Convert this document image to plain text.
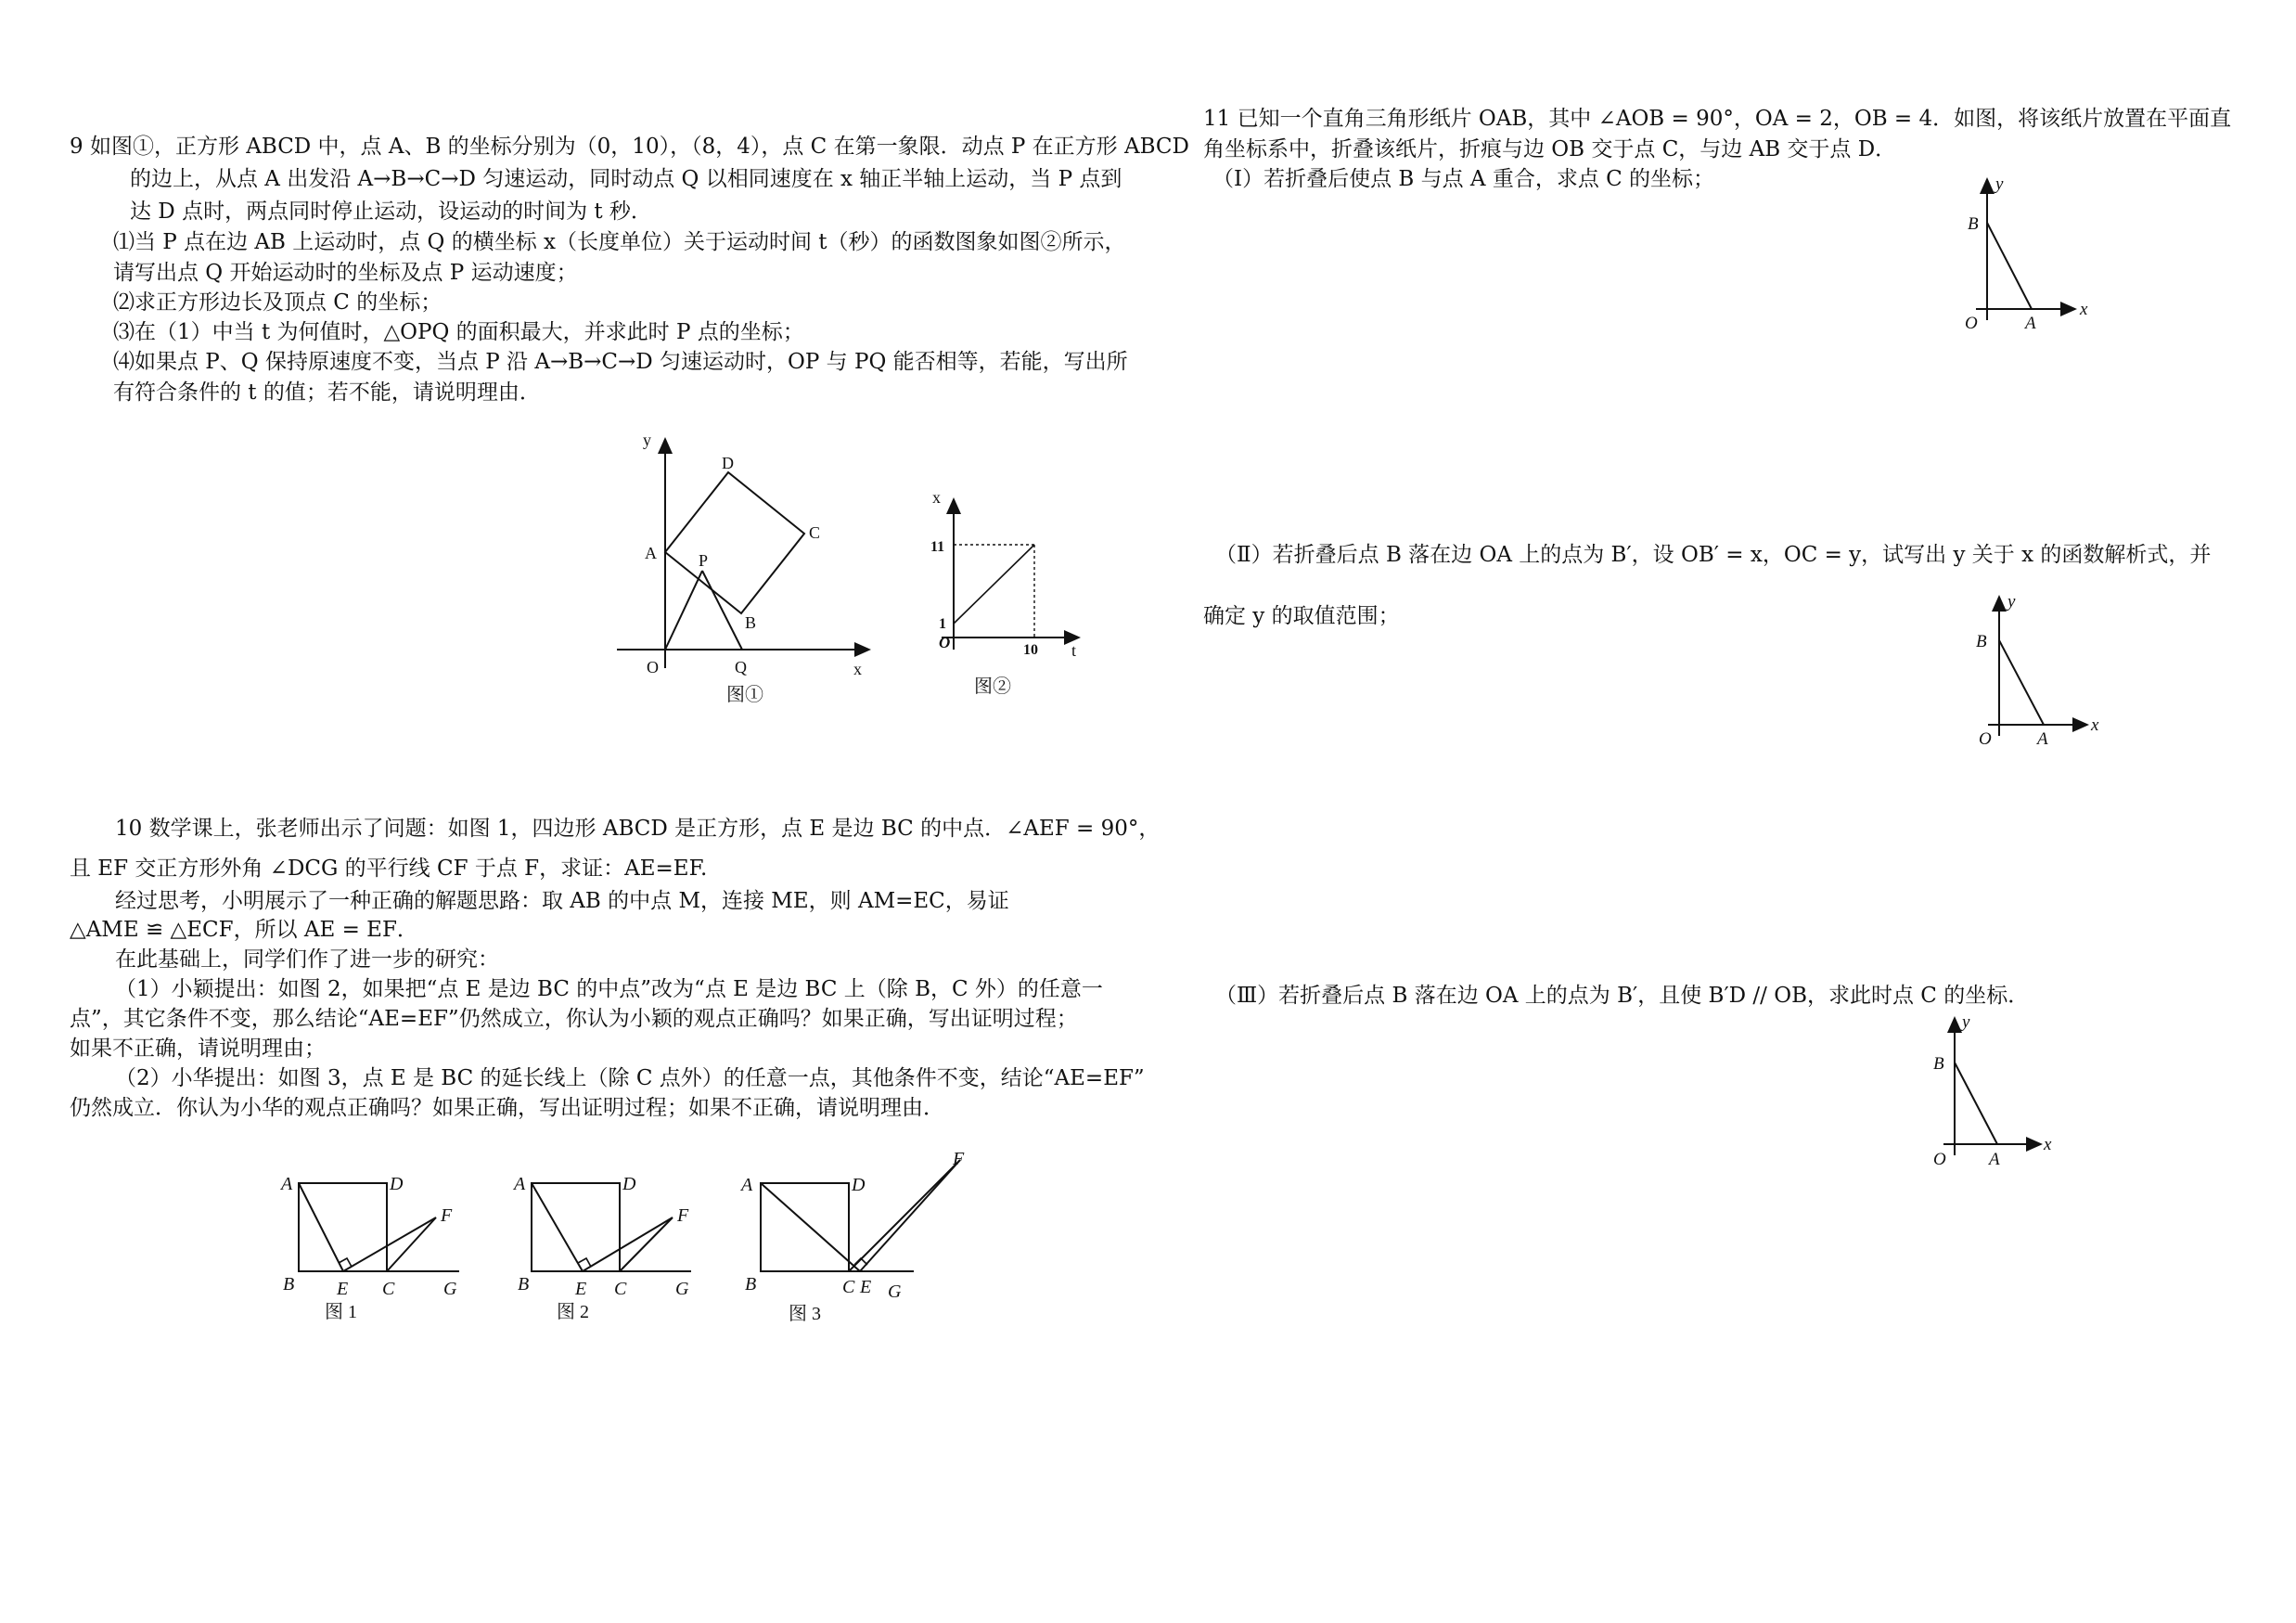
9 如图①，正方形 ABCD 中，点 A、B 的坐标分别为（0，10），（8，4），点 C 在第一象限．动点 P 在正方形 ABCD
的边上，从点 A 出发沿 A→B→C→D 匀速运动，同时动点 Q 以相同速度在 x 轴正半轴上运动，当 P 点到
达 D 点时，两点同时停止运动，设运动的时间为 t 秒．
⑴当 P 点在边 AB 上运动时，点 Q 的横坐标 x（长度单位）关于运动时间 t（秒）的函数图象如图②所示，
请写出点 Q 开始运动时的坐标及点 P 运动速度；
⑵求正方形边长及顶点 C 的坐标；
⑶在（1）中当 t 为何值时，△OPQ 的面积最大，并求此时 P 点的坐标；
⑷如果点 P、Q 保持原速度不变，当点 P 沿 A→B→C→D 匀速运动时，OP 与 PQ 能否相等，若能，写出所
有符合条件的 t 的值；若不能，请说明理由．
y
x
O
A
D
C
B
P
Q
图①
x
11
1
O	10 t
图②
10 数学课上，张老师出示了问题：如图 1，四边形 ABCD 是正方形，点 E 是边 BC 的中点．∠AEF = 90°，
且 EF 交正方形外角 ∠DCG 的平行线 CF 于点 F，求证：AE=EF.
经过思考，小明展示了一种正确的解题思路：取 AB 的中点 M，连接 ME，则 AM=EC，易证
△AME ≌ △ECF，所以 AE = EF．
在此基础上，同学们作了进一步的研究：
（1）小颖提出：如图 2，如果把“点 E 是边 BC 的中点”改为“点 E 是边 BC 上（除 B，C 外）的任意一
点”，其它条件不变，那么结论“AE=EF”仍然成立，你认为小颖的观点正确吗？如果正确，写出证明过程；
如果不正确，请说明理由；
（2）小华提出：如图 3，点 E 是 BC 的延长线上（除 C 点外）的任意一点，其他条件不变，结论“AE=EF”
仍然成立．你认为小华的观点正确吗？如果正确，写出证明过程；如果不正确，请说明理由．
A	D
B E C	G
F
图 1
A	D
B E C	G
F
图 2
A	D
B	C E G
F
图 3
11 已知一个直角三角形纸片 OAB，其中 ∠AOB = 90°，OA = 2，OB = 4．如图，将该纸片放置在平面直
角坐标系中，折叠该纸片，折痕与边 OB 交于点 C，与边 AB 交于点 D．
（Ⅰ）若折叠后使点 B 与点 A 重合，求点 C 的坐标；	y
B
x
O	A
（Ⅱ）若折叠后点 B 落在边 OA 上的点为 B′，设 OB′ = x，OC = y，试写出 y 关于 x 的函数解析式，并
确定 y 的取值范围；
y
B
x
O	A
（Ⅲ）若折叠后点 B 落在边 OA 上的点为 B′，且使 B′D // OB，求此时点 C 的坐标．
y
B
x
O A
